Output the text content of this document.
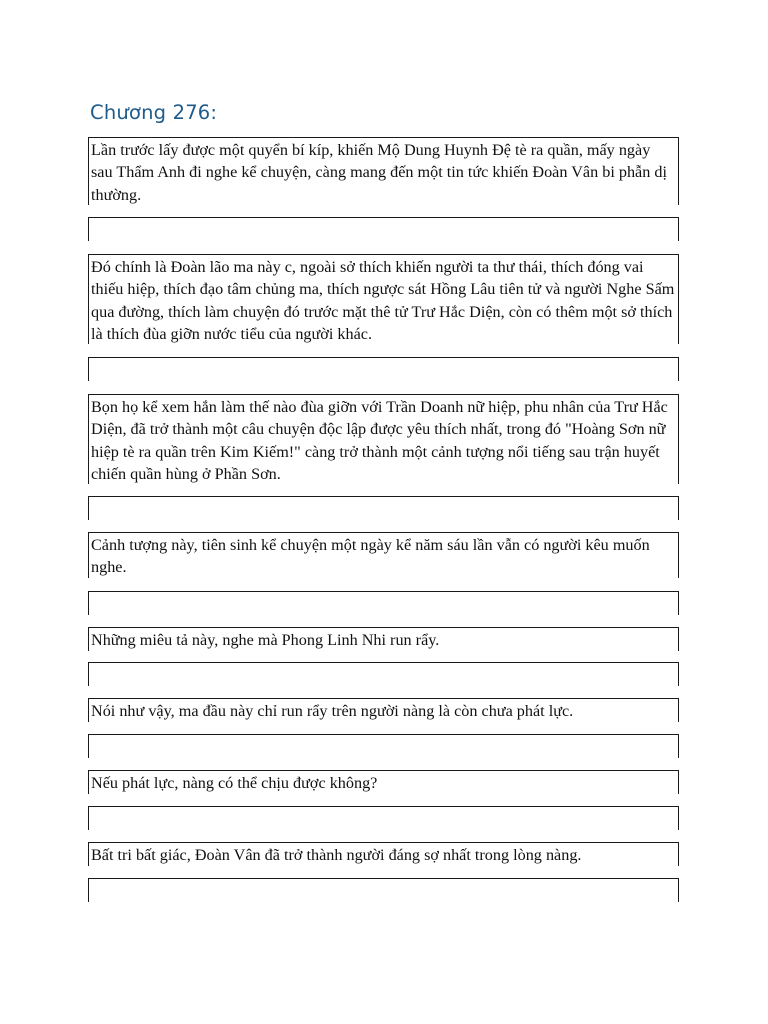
Chương 276:
Lần trước lấy được một quyển bí kíp, khiến Mộ Dung Huynh Đệ tè ra quần, mấy ngày sau Thẩm Anh đi nghe kể chuyện, càng mang đến một tin tức khiến Đoàn Vân bi phẫn dị thường.
Đó chính là Đoàn lão ma này c, ngoài sở thích khiến người ta thư thái, thích đóng vai thiếu hiệp, thích đạo tâm chủng ma, thích ngược sát Hồng Lâu tiên tử và người Nghe Sấm qua đường, thích làm chuyện đó trước mặt thê tử Trư Hắc Diện, còn có thêm một sở thích là thích đùa giỡn nước tiểu của người khác.
Bọn họ kể xem hắn làm thế nào đùa giỡn với Trần Doanh nữ hiệp, phu nhân của Trư Hắc Diện, đã trở thành một câu chuyện độc lập được yêu thích nhất, trong đó "Hoàng Sơn nữ hiệp tè ra quần trên Kim Kiếm!" càng trở thành một cảnh tượng nổi tiếng sau trận huyết chiến quần hùng ở Phần Sơn.
Cảnh tượng này, tiên sinh kể chuyện một ngày kể năm sáu lần vẫn có người kêu muốn nghe.
Những miêu tả này, nghe mà Phong Linh Nhi run rẩy.
Nói như vậy, ma đầu này chỉ run rẩy trên người nàng là còn chưa phát lực.
Nếu phát lực, nàng có thể chịu được không?
Bất tri bất giác, Đoàn Vân đã trở thành người đáng sợ nhất trong lòng nàng.
